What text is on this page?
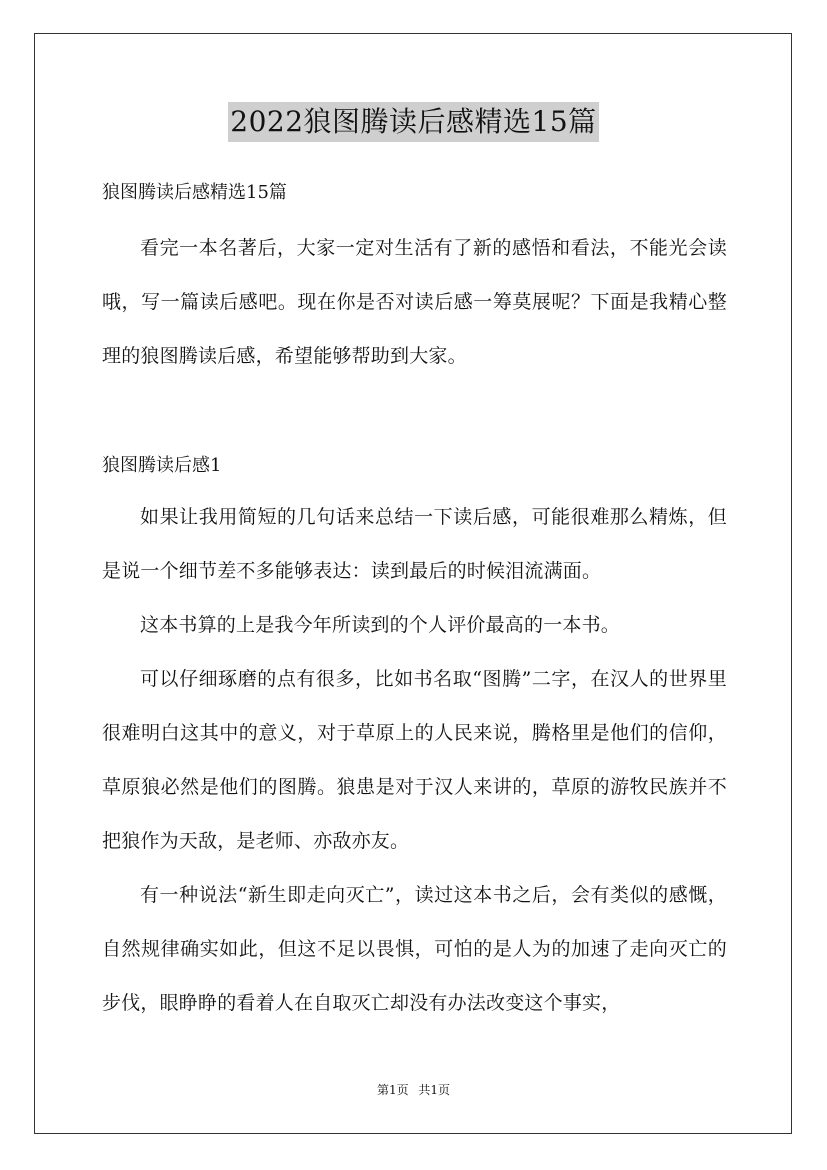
2022狼图腾读后感精选15篇

狼图腾读后感精选15篇

看完一本名著后，大家一定对生活有了新的感悟和看法，不能光会读哦，写一篇读后感吧。现在你是否对读后感一筹莫展呢？下面是我精心整理的狼图腾读后感，希望能够帮助到大家。

狼图腾读后感1

如果让我用简短的几句话来总结一下读后感，可能很难那么精炼，但是说一个细节差不多能够表达：读到最后的时候泪流满面。

这本书算的上是我今年所读到的个人评价最高的一本书。

可以仔细琢磨的点有很多，比如书名取“图腾”二字，在汉人的世界里很难明白这其中的意义，对于草原上的人民来说，腾格里是他们的信仰，草原狼必然是他们的图腾。狼患是对于汉人来讲的，草原的游牧民族并不把狼作为天敌，是老师、亦敌亦友。

有一种说法“新生即走向灭亡”，读过这本书之后，会有类似的感慨，自然规律确实如此，但这不足以畏惧，可怕的是人为的加速了走向灭亡的步伐，眼睁睁的看着人在自取灭亡却没有办法改变这个事实，

第1页 共1页
